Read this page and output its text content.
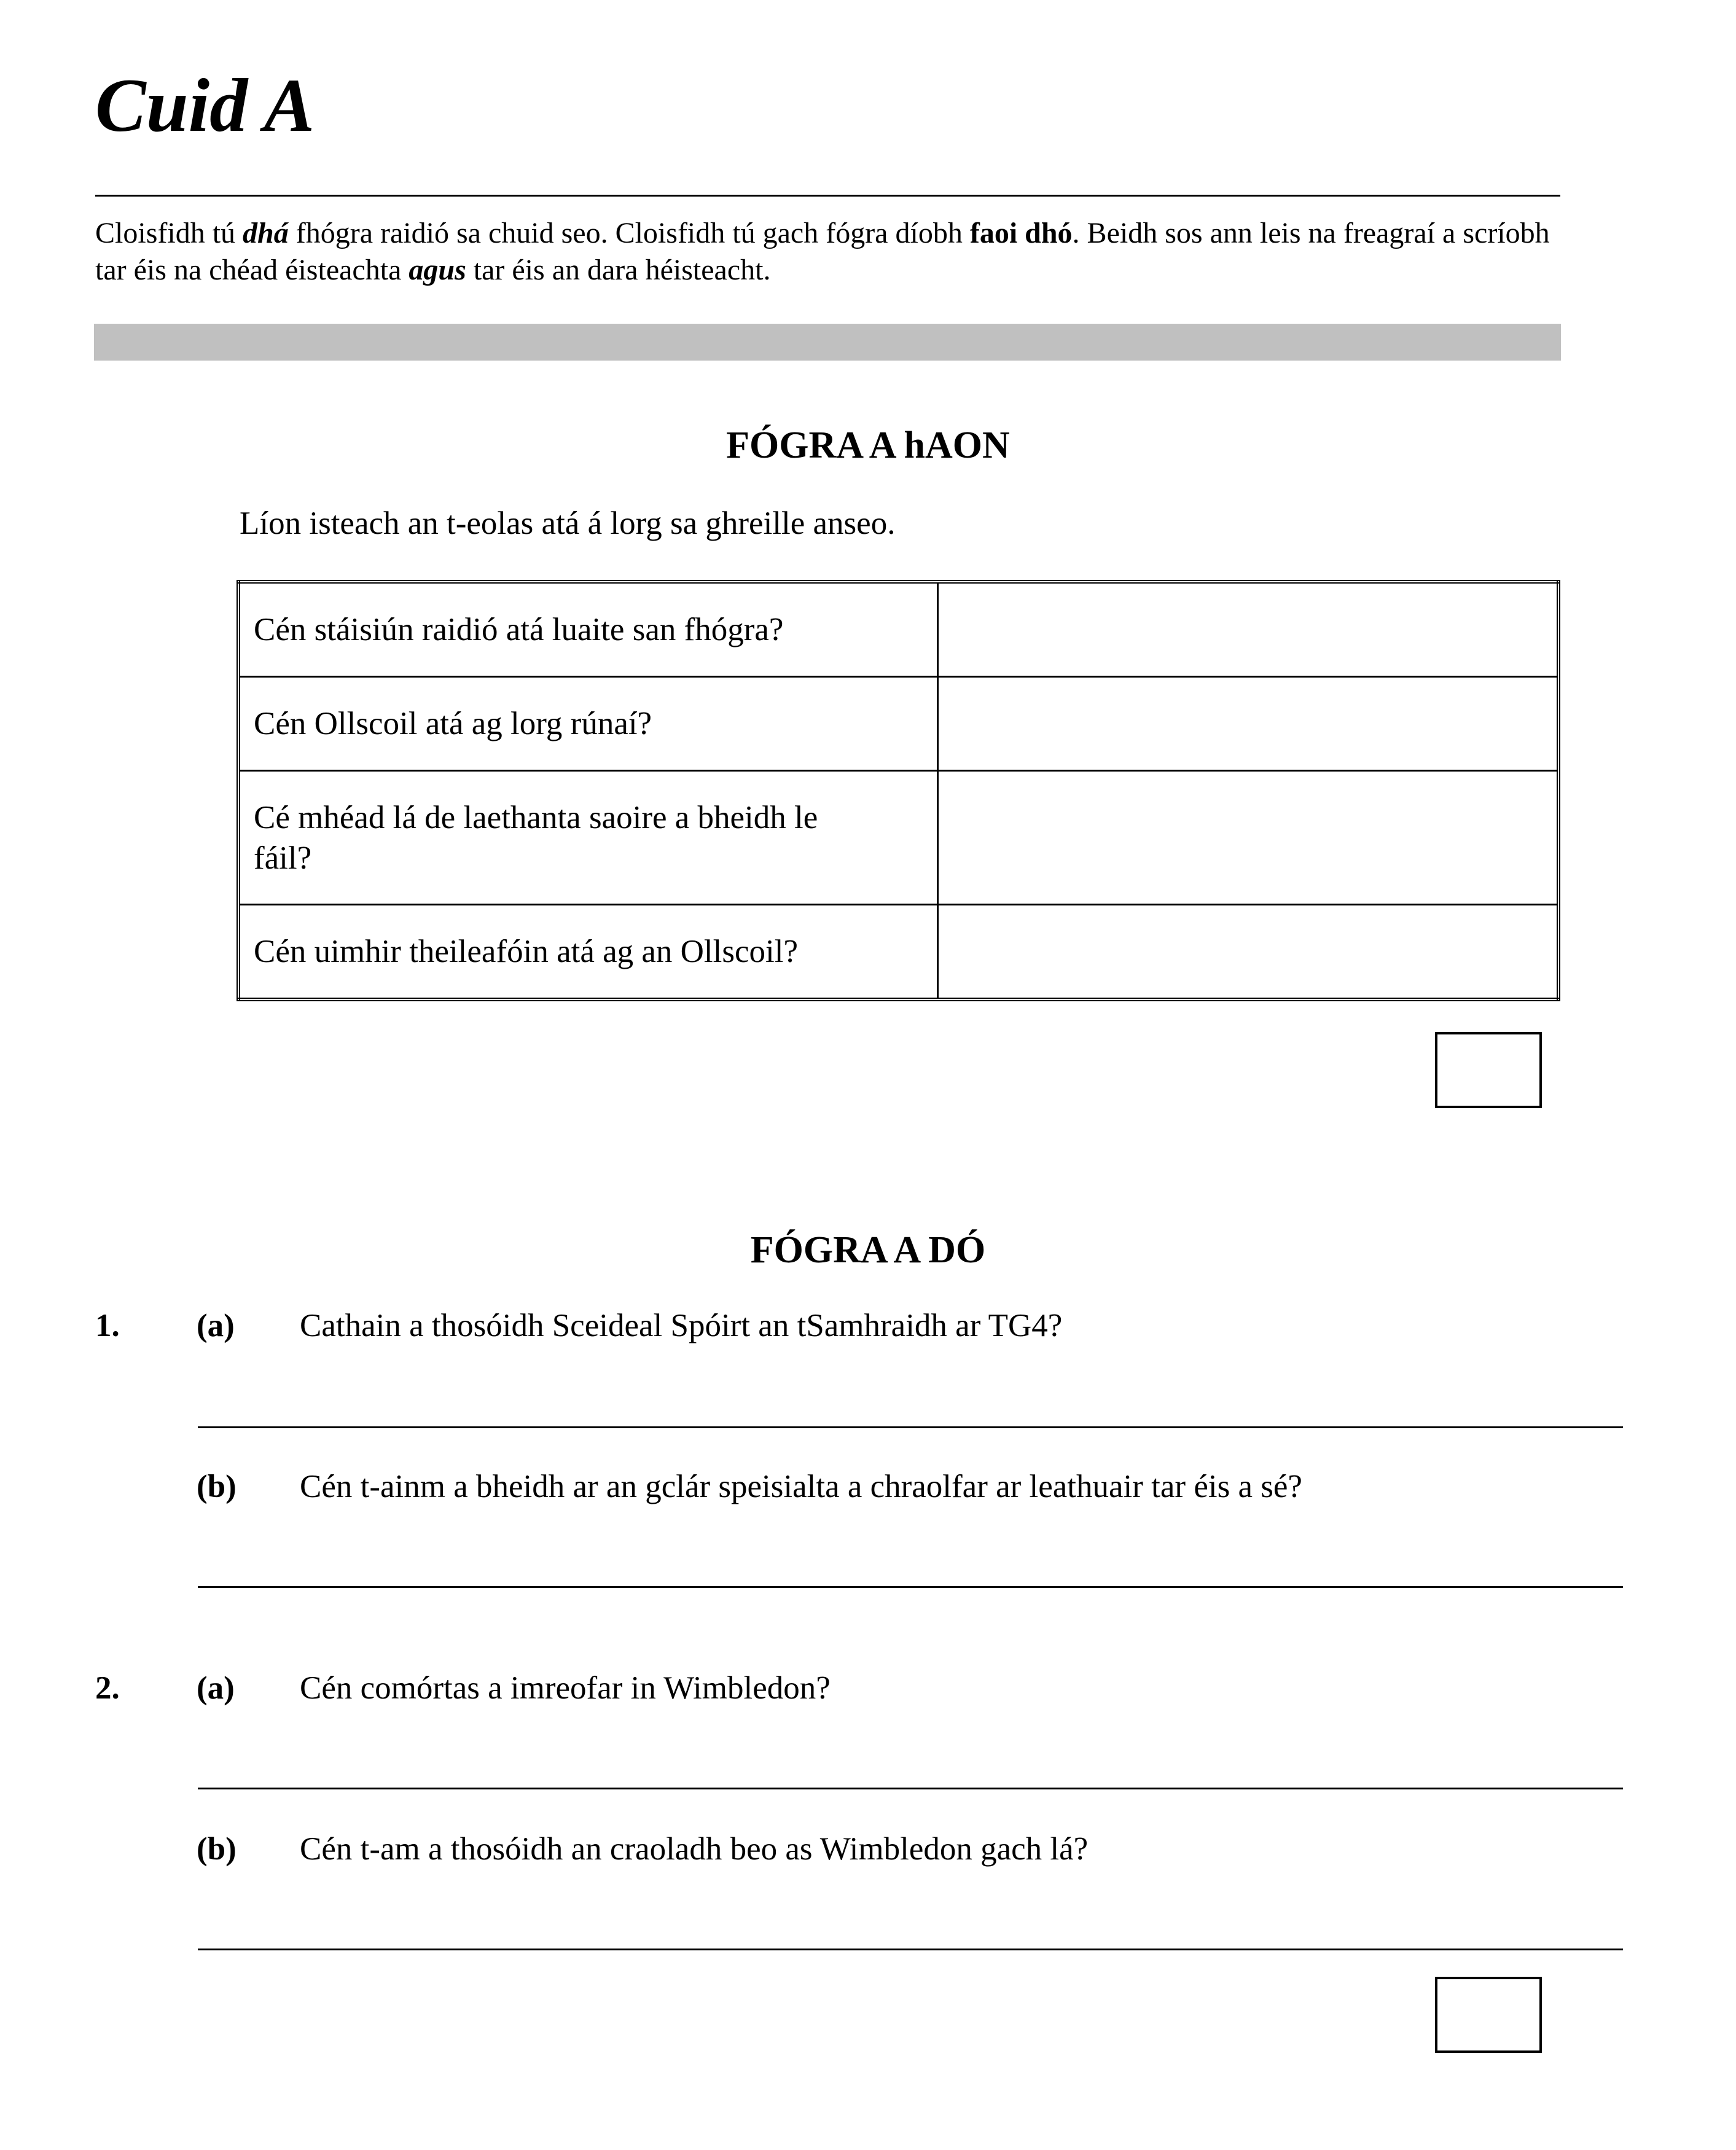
Cuid A
Cloisfidh tú dhá fhógra raidió sa chuid seo. Cloisfidh tú gach fógra díobh faoi dhó. Beidh sos ann leis na freagraí a scríobh tar éis na chéad éisteachta agus tar éis an dara héisteacht.
FÓGRA A hAON
Líon isteach an t-eolas atá á lorg sa ghreille anseo.
Cén stáisiún raidió atá luaite san fhógra?	
Cén Ollscoil atá ag lorg rúnaí?	

Cé mhéad lá de laethanta saoire a bheidh le fáil?	

Cén uimhir theileafóin atá ag an Ollscoil?	
FÓGRA A DÓ
1. (a) Cathain a thosóidh Sceideal Spóirt an tSamhraidh ar TG4?
(b) Cén t-ainm a bheidh ar an gclár speisialta a chraolfar ar leathuair tar éis a sé?
2. (a) Cén comórtas a imreofar in Wimbledon?
(b) Cén t-am a thosóidh an craoladh beo as Wimbledon gach lá?
